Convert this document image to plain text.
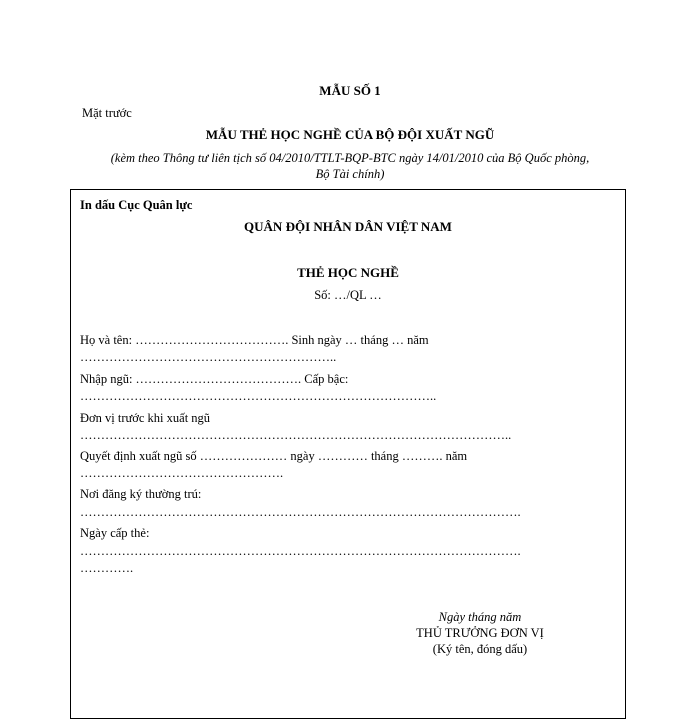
MẪU SỐ 1
Mặt trước
MẪU THẺ HỌC NGHỀ CỦA BỘ ĐỘI XUẤT NGŨ
(kèm theo Thông tư liên tịch số 04/2010/TTLT-BQP-BTC ngày 14/01/2010 của Bộ Quốc phòng,
Bộ Tài chính)
In dấu Cục Quân lực
QUÂN ĐỘI NHÂN DÂN VIỆT NAM
THẺ HỌC NGHỀ
Số: …/QL …
Họ và tên: ………………………………. Sinh ngày … tháng … năm
……………………………………………………..
Nhập ngũ: …………………………………. Cấp bậc:
…………………………………………………………………………..
Đơn vị trước khi xuất ngũ
…………………………………………………………………………………………..
Quyết định xuất ngũ số ………………… ngày ………… tháng ………. năm
………………………………………….
Nơi đăng ký thường trú:
…………………………………………………………………………………………….
Ngày cấp thẻ:
…………………………………………………………………………………………….
………….
Ngày tháng năm
THỦ TRƯỞNG ĐƠN VỊ
(Ký tên, đóng dấu)
